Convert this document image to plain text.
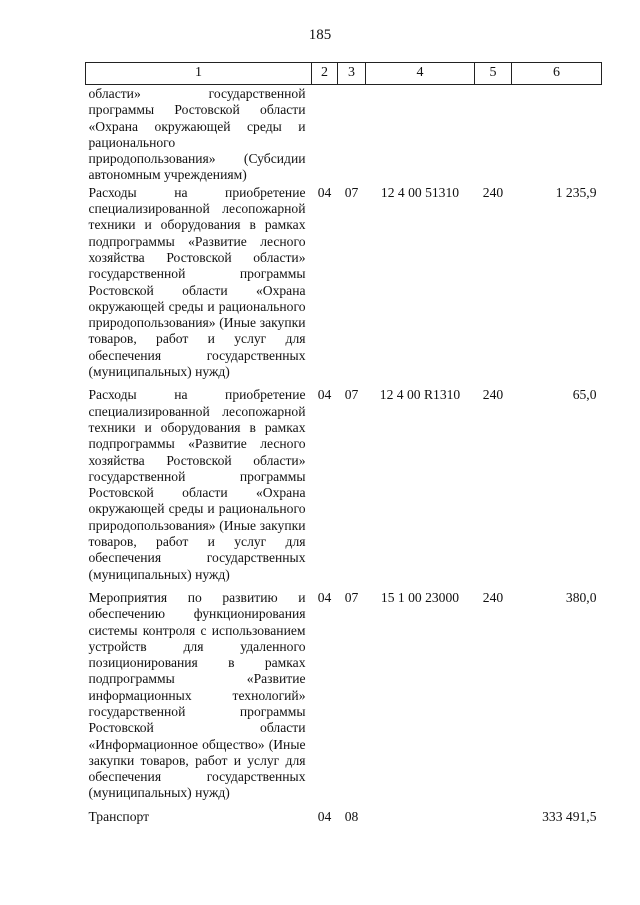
185
1	2	3	4	5	6
области» государственной программы Ростовской области «Охрана окружающей среды и рационального природопользования» (Субсидии автономным учреждениям)					
Расходы на приобретение специализированной лесопожарной техники и оборудования в рамках подпрограммы «Развитие лесного хозяйства Ростовской области» государственной программы Ростовской области «Охрана окружающей среды и рационального природопользования» (Иные закупки товаров, работ и услуг для обеспечения государственных (муниципальных) нужд)	04	07	12 4 00 51310	240	1 235,9
Расходы на приобретение специализированной лесопожарной техники и оборудования в рамках подпрограммы «Развитие лесного хозяйства Ростовской области» государственной программы Ростовской области «Охрана окружающей среды и рационального природопользования» (Иные закупки товаров, работ и услуг для обеспечения государственных (муниципальных) нужд)	04	07	12 4 00 R1310	240	65,0
Мероприятия по развитию и обеспечению функционирования системы контроля с использованием устройств для удаленного позиционирования в рамках подпрограммы «Развитие информационных технологий» государственной программы Ростовской области «Информационное общество» (Иные закупки товаров, работ и услуг для обеспечения государственных (муниципальных) нужд)	04	07	15 1 00 23000	240	380,0
Транспорт	04	08			333 491,5
